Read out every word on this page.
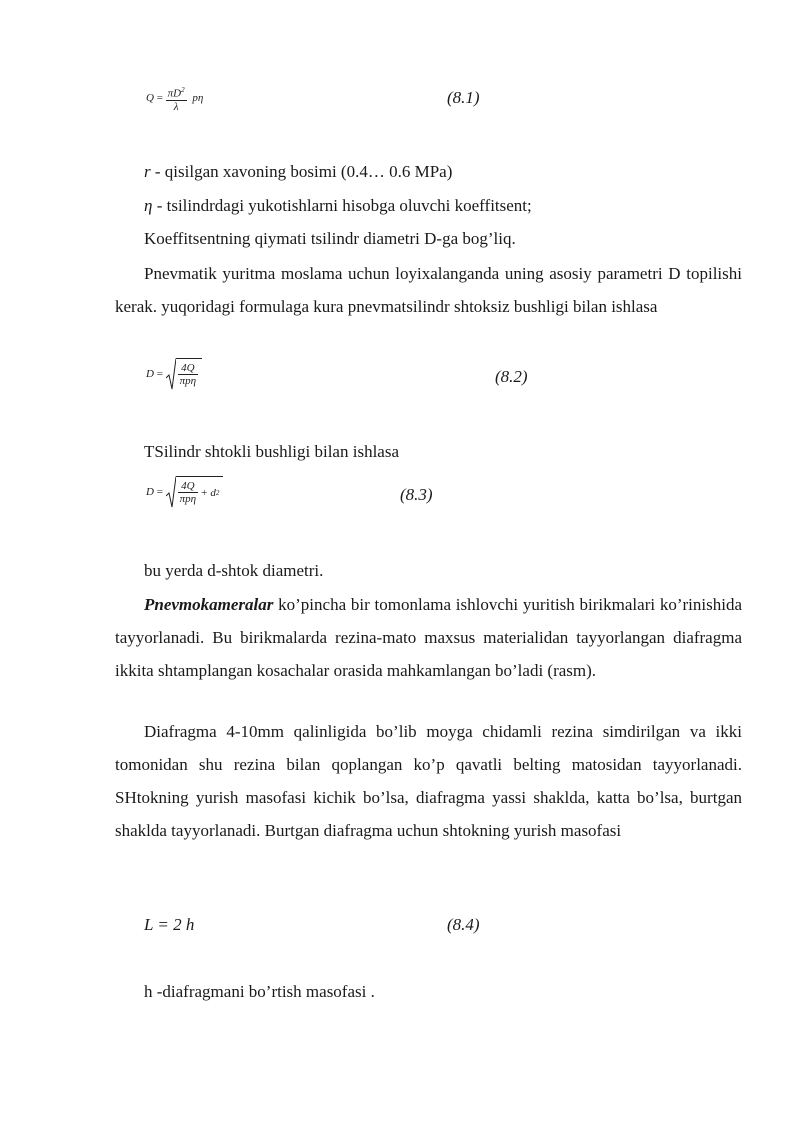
$Q = \frac{\pi D^2}{\lambda}$ pη	(8.1)
r - qisilgan xavoning bosimi (0.4… 0.6 MPa)
η - tsilindrdagi yukotishlarni hisobga oluvchi koeffitsent;
Koeffitsentning qiymati tsilindr diametri D-ga bog’liq.
Pnevmatik yuritma moslama uchun loyixalanganda uning asosiy parametri D topilishi kerak. yuqoridagi formulaga kura pnevmatsilindr shtoksiz bushligi bilan ishlasa
$D = \frac{4Q}{\text{πpη}}$	(8.2)
TSilindr shtokli bushligi bilan ishlasa
$D = \frac{4Q}{\text{πpη}} + d$ 2	(8.3)
bu yerda d-shtok diametri.
Pnevmokameralar ko’pincha bir tomonlama ishlovchi yuritish birikmalari ko’rinishida tayyorlanadi. Bu birikmalarda rezina-mato maxsus materialidan tayyorlangan diafragma ikkita shtamplangan kosachalar orasida mahkamlangan bo’ladi (rasm).
Diafragma 4-10mm qalinligida bo’lib moyga chidamli rezina simdirilgan va ikki tomonidan shu rezina bilan qoplangan ko’p qavatli belting matosidan tayyorlanadi. SHtokning yurish masofasi kichik bo’lsa, diafragma yassi shaklda, katta bo’lsa, burtgan shaklda tayyorlanadi. Burtgan diafragma uchun shtokning yurish masofasi
L = 2 h	(8.4)
h -diafragmani bo’rtish masofasi .
